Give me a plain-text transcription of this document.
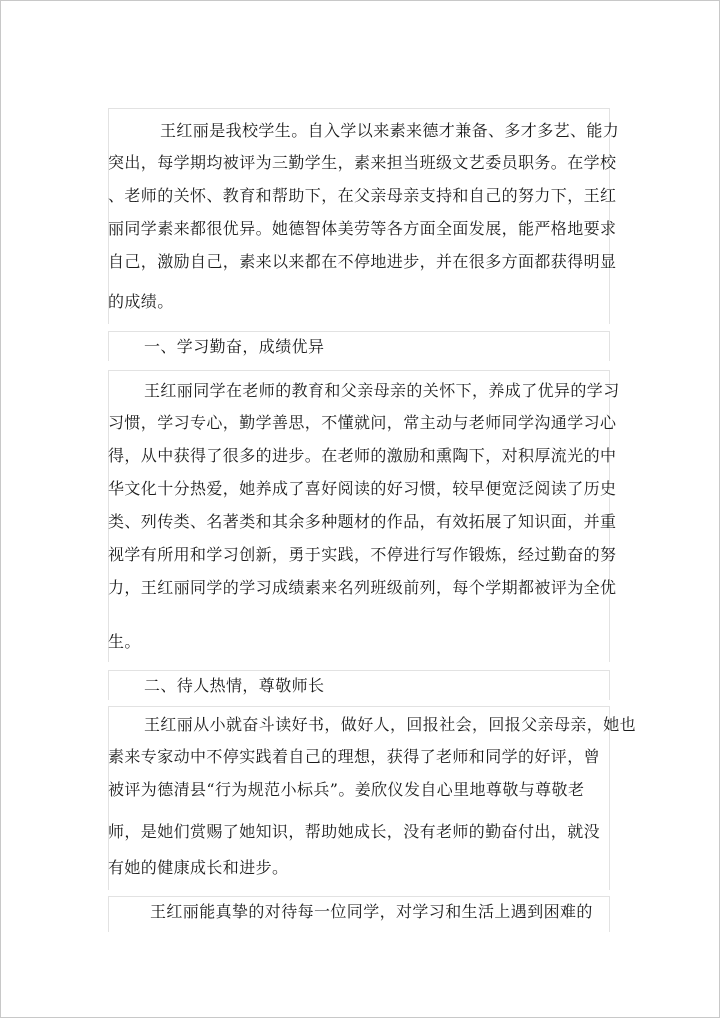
王红丽是我校学生。自入学以来素来德才兼备、多才多艺、能力
突出，每学期均被评为三勤学生，素来担当班级文艺委员职务。在学校
、老师的关怀、教育和帮助下，在父亲母亲支持和自己的努力下，王红
丽同学素来都很优异。她德智体美劳等各方面全面发展，能严格地要求
自己，激励自己，素来以来都在不停地进步，并在很多方面都获得明显
的成绩。
一、学习勤奋，成绩优异
王红丽同学在老师的教育和父亲母亲的关怀下，养成了优异的学习
习惯，学习专心，勤学善思，不懂就问，常主动与老师同学沟通学习心
得，从中获得了很多的进步。在老师的激励和熏陶下，对积厚流光的中
华文化十分热爱，她养成了喜好阅读的好习惯，较早便宽泛阅读了历史
类、列传类、名著类和其余多种题材的作品，有效拓展了知识面，并重
视学有所用和学习创新，勇于实践，不停进行写作锻炼，经过勤奋的努
力，王红丽同学的学习成绩素来名列班级前列，每个学期都被评为全优
生。
二、待人热情，尊敬师长
王红丽从小就奋斗读好书，做好人，回报社会，回报父亲母亲，她也
素来专家动中不停实践着自己的理想，获得了老师和同学的好评，曾
被评为德清县“行为规范小标兵”。姜欣仪发自心里地尊敬与尊敬老
师，是她们赏赐了她知识，帮助她成长，没有老师的勤奋付出，就没
有她的健康成长和进步。
王红丽能真挚的对待每一位同学，对学习和生活上遇到困难的
